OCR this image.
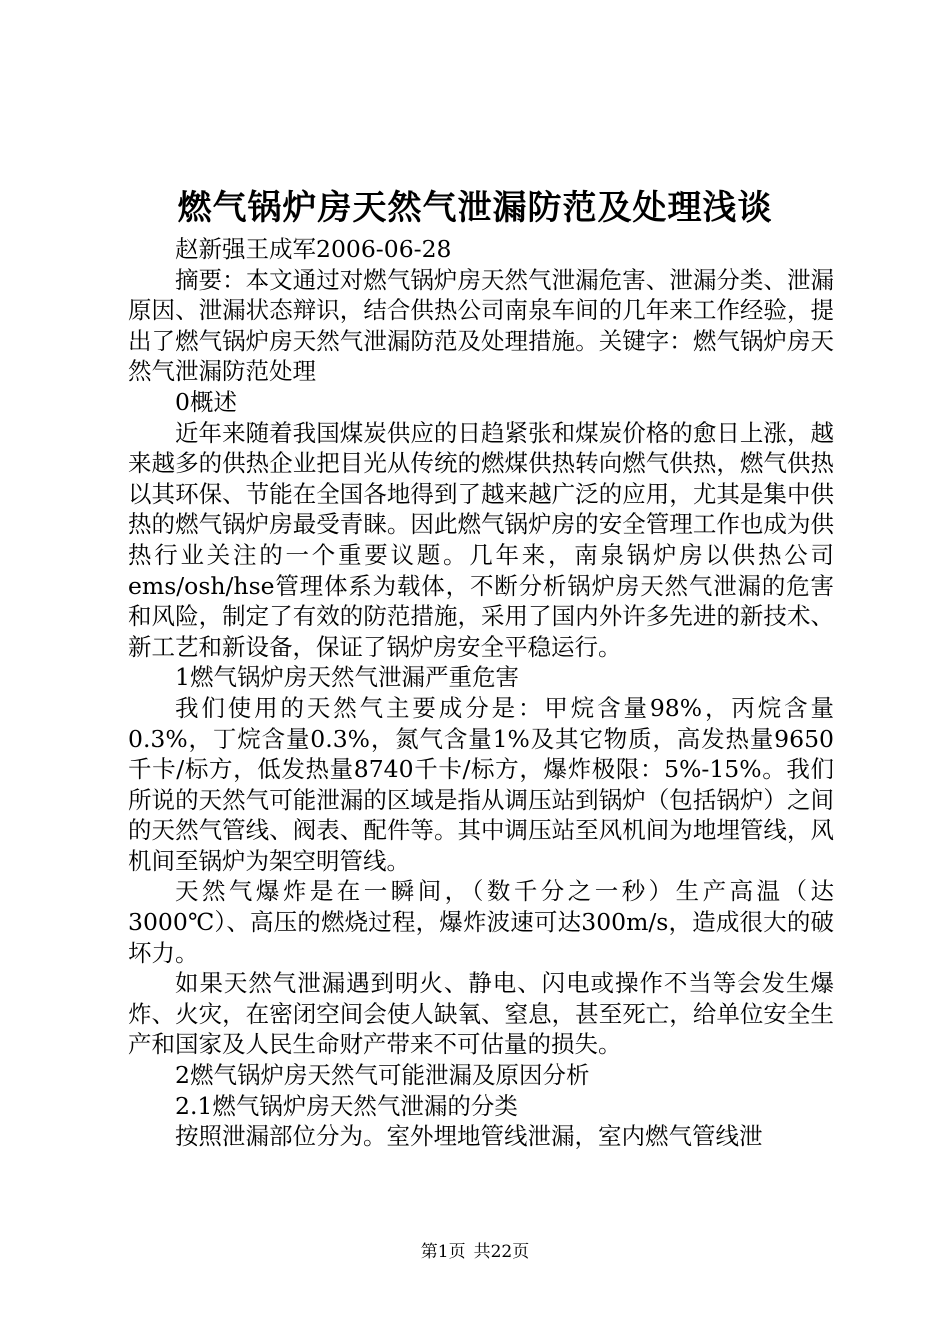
燃气锅炉房天然气泄漏防范及处理浅谈

赵新强王成军2006-06-28

摘要：本文通过对燃气锅炉房天然气泄漏危害、泄漏分类、泄漏原因、泄漏状态辩识，结合供热公司南泉车间的几年来工作经验，提出了燃气锅炉房天然气泄漏防范及处理措施。关键字：燃气锅炉房天然气泄漏防范处理

0概述

近年来随着我国煤炭供应的日趋紧张和煤炭价格的愈日上涨，越来越多的供热企业把目光从传统的燃煤供热转向燃气供热，燃气供热以其环保、节能在全国各地得到了越来越广泛的应用，尤其是集中供热的燃气锅炉房最受青睐。因此燃气锅炉房的安全管理工作也成为供热行业关注的一个重要议题。几年来，南泉锅炉房以供热公司ems/osh/hse管理体系为载体，不断分析锅炉房天然气泄漏的危害和风险，制定了有效的防范措施，采用了国内外许多先进的新技术、新工艺和新设备，保证了锅炉房安全平稳运行。

1燃气锅炉房天然气泄漏严重危害

我们使用的天然气主要成分是：甲烷含量98%，丙烷含量0.3%，丁烷含量0.3%，氮气含量1%及其它物质，高发热量9650千卡/标方，低发热量8740千卡/标方，爆炸极限：5%-15%。我们所说的天然气可能泄漏的区域是指从调压站到锅炉（包括锅炉）之间的天然气管线、阀表、配件等。其中调压站至风机间为地埋管线，风机间至锅炉为架空明管线。

天然气爆炸是在一瞬间，（数千分之一秒）生产高温（达3000℃）、高压的燃烧过程，爆炸波速可达300m/s，造成很大的破坏力。

如果天然气泄漏遇到明火、静电、闪电或操作不当等会发生爆炸、火灾，在密闭空间会使人缺氧、窒息，甚至死亡，给单位安全生产和国家及人民生命财产带来不可估量的损失。

2燃气锅炉房天然气可能泄漏及原因分析

2.1燃气锅炉房天然气泄漏的分类

按照泄漏部位分为。室外埋地管线泄漏，室内燃气管线泄

第1页 共22页
